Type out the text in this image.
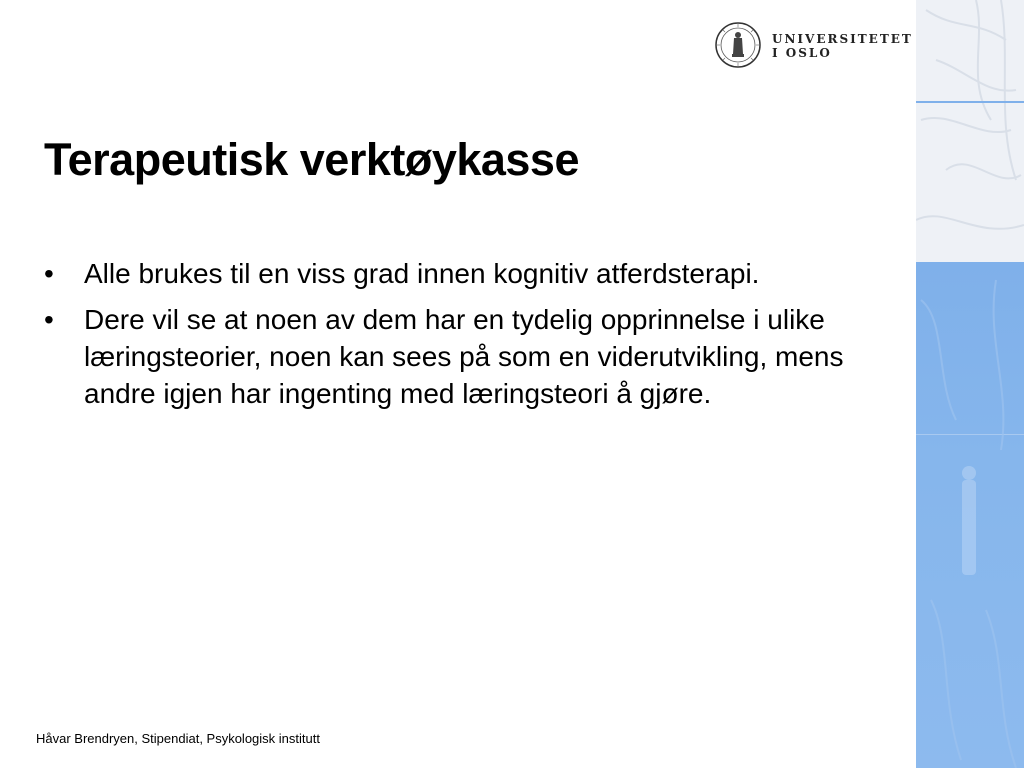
UNIVERSITETET
I OSLO
Terapeutisk verktøykasse
• Alle brukes til en viss grad innen kognitiv atferdsterapi.
• Dere vil se at noen av dem har en tydelig opprinnelse i ulike læringsteorier, noen kan sees på som en viderutvikling, mens andre igjen har ingenting med læringsteori å gjøre.
Håvar Brendryen, Stipendiat, Psykologisk institutt
